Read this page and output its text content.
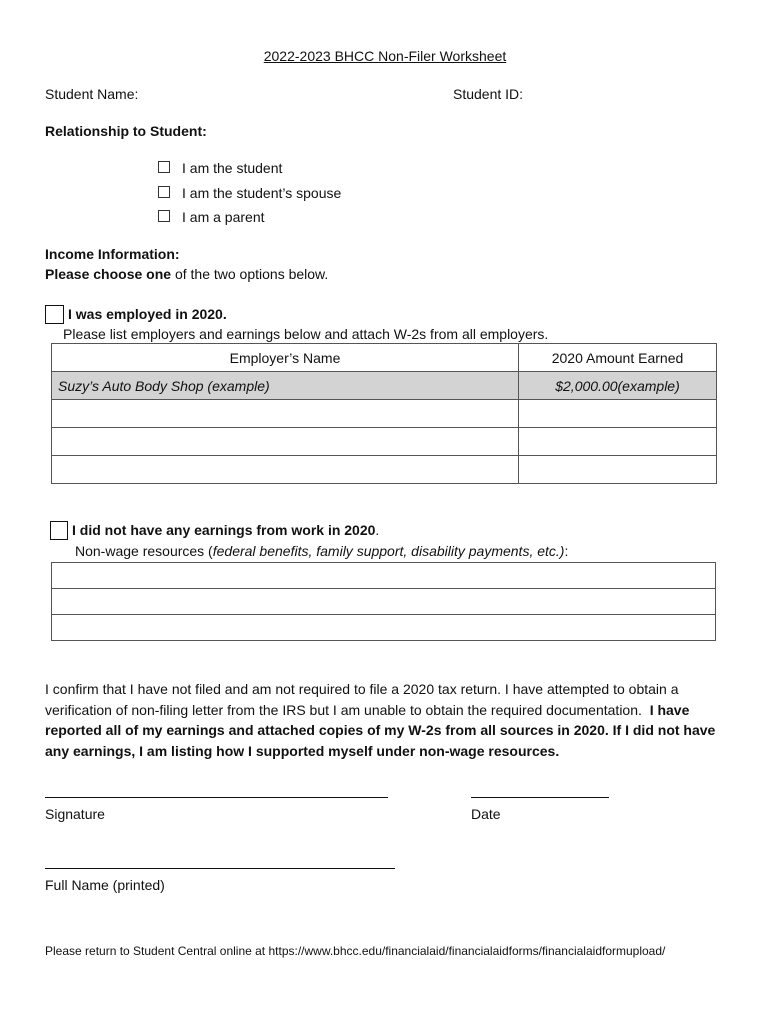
2022-2023 BHCC Non-Filer Worksheet
Student Name:	Student ID:
Relationship to Student:
I am the student
I am the student’s spouse
I am a parent
Income Information:
Please choose one of the two options below.
I was employed in 2020.
Please list employers and earnings below and attach W-2s from all employers.
Employer’s Name	2020 Amount Earned
Suzy’s Auto Body Shop (example)	$2,000.00(example)

I did not have any earnings from work in 2020.
Non-wage resources (federal benefits, family support, disability payments, etc.):

I confirm that I have not filed and am not required to file a 2020 tax return. I have attempted to obtain a verification of non-filing letter from the IRS but I am unable to obtain the required documentation. I have reported all of my earnings and attached copies of my W-2s from all sources in 2020. If I did not have any earnings, I am listing how I supported myself under non-wage resources.
Signature	Date
Full Name (printed)
Please return to Student Central online at https://www.bhcc.edu/financialaid/financialaidforms/financialaidformupload/
